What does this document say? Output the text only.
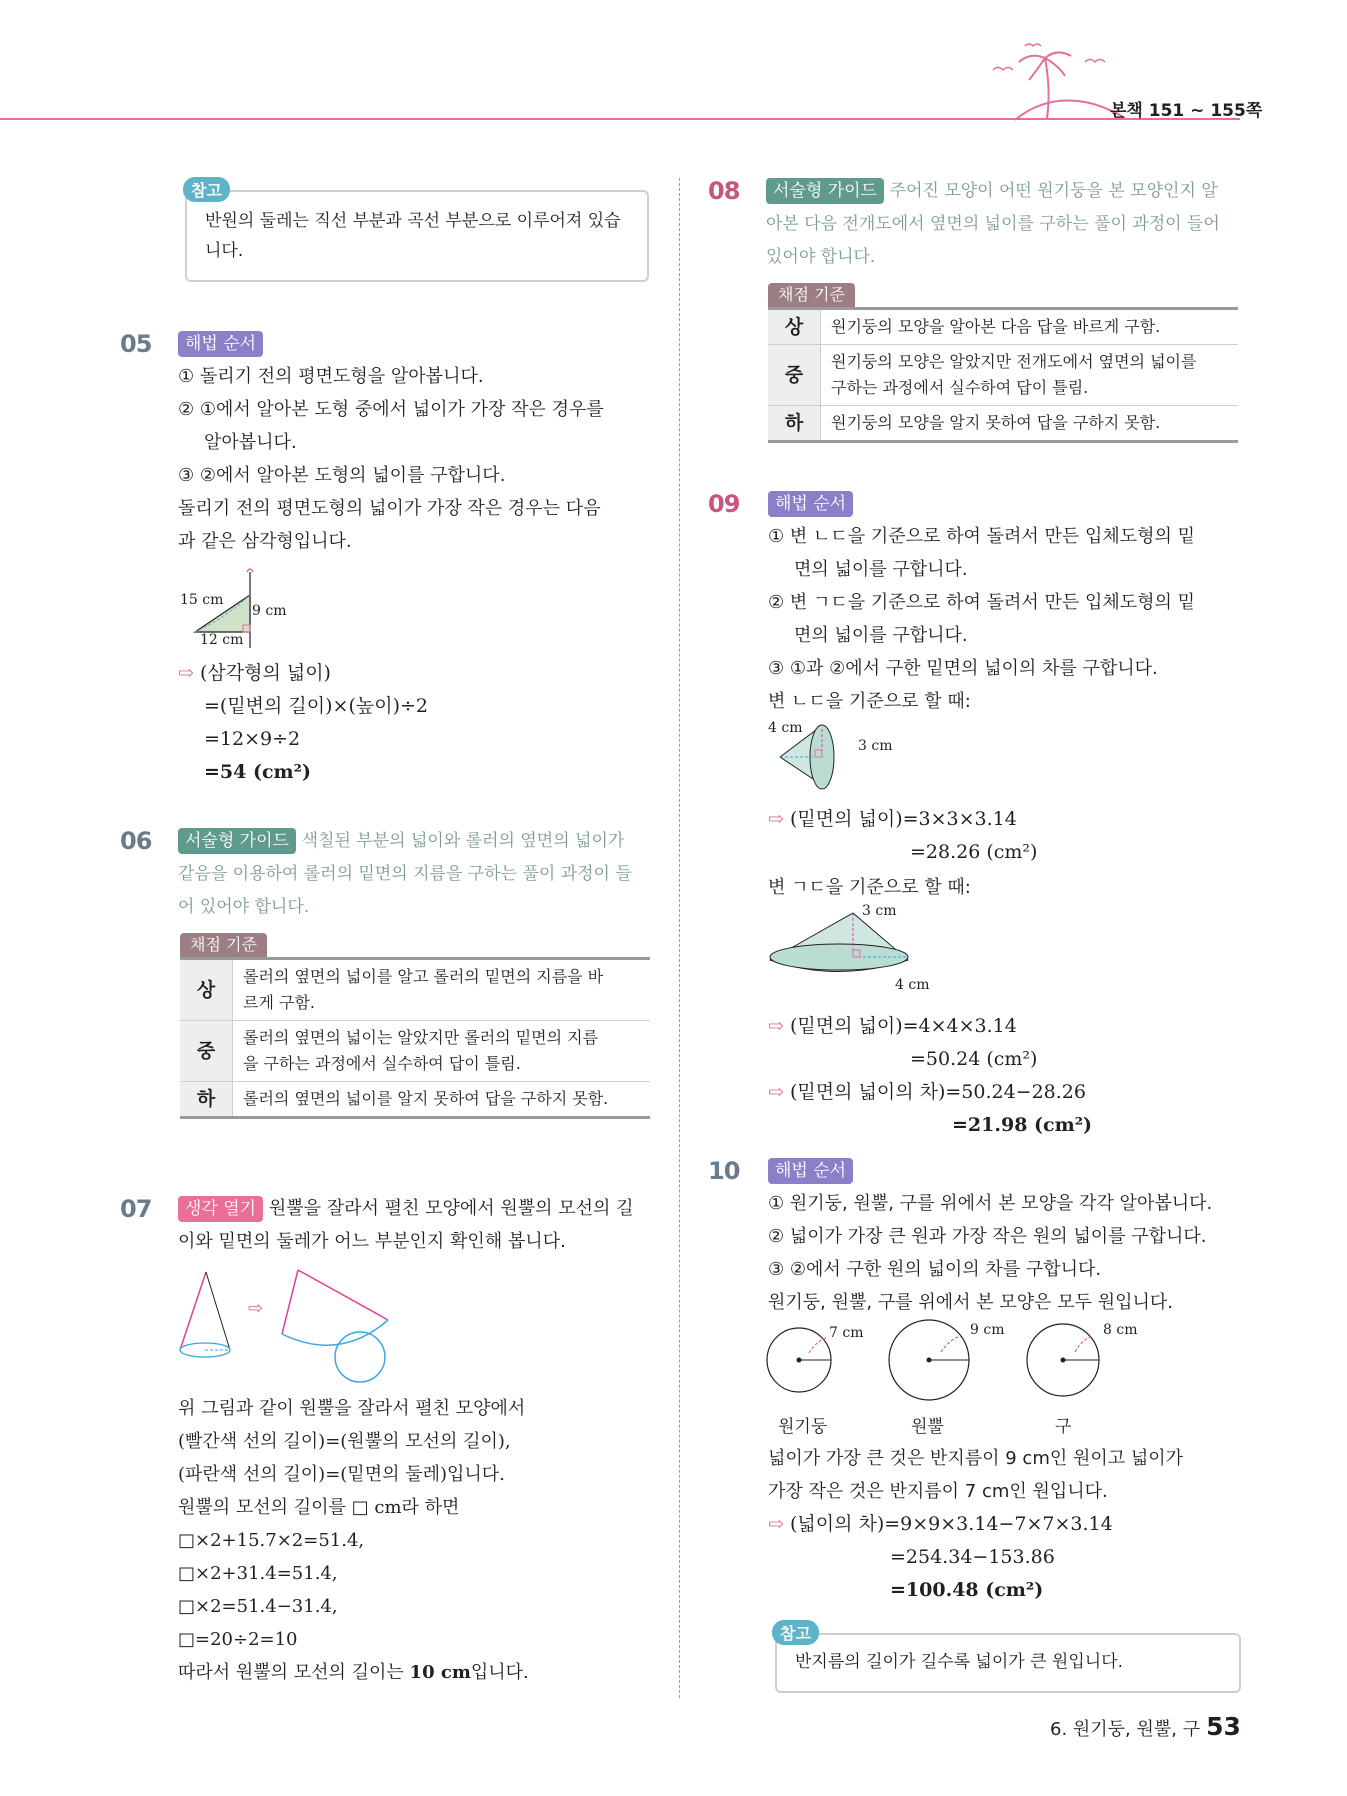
본책 151 ~ 155쪽
반원의 둘레는 직선 부분과 곡선 부분으로 이루어져 있습
니다.
참고
05	해법 순서
① 돌리기 전의 평면도형을 알아봅니다.
② ①에서 알아본 도형 중에서 넓이가 가장 작은 경우를
알아봅니다.
③ ②에서 알아본 도형의 넓이를 구합니다.
돌리기 전의 평면도형의 넓이가 가장 작은 경우는 다음
과 같은 삼각형입니다.
15 cm
9 cm
12 cm
⇨ (삼각형의 넓이)
=(밑변의 길이)×(높이)÷2
=12×9÷2
=54 (cm²)
06	서술형 가이드 색칠된 부분의 넓이와 롤러의 옆면의 넓이가
같음을 이용하여 롤러의 밑면의 지름을 구하는 풀이 과정이 들
어 있어야 합니다.
채점 기준
상	롤러의 옆면의 넓이를 알고 롤러의 밑면의 지름을 바
르게 구함.

중	롤러의 옆면의 넓이는 알았지만 롤러의 밑면의 지름
을 구하는 과정에서 실수하여 답이 틀림.

하	롤러의 옆면의 넓이를 알지 못하여 답을 구하지 못함.
07	생각 열기 원뿔을 잘라서 펼친 모양에서 원뿔의 모선의 길
이와 밑면의 둘레가 어느 부분인지 확인해 봅니다.
⇨
위 그림과 같이 원뿔을 잘라서 펼친 모양에서
(빨간색 선의 길이)=(원뿔의 모선의 길이),
(파란색 선의 길이)=(밑면의 둘레)입니다.
원뿔의 모선의 길이를 □ cm라 하면
□×2+15.7×2=51.4,
□×2+31.4=51.4,
□×2=51.4−31.4,
□=20÷2=10
따라서 원뿔의 모선의 길이는 10 cm입니다.
08	서술형 가이드 주어진 모양이 어떤 원기둥을 본 모양인지 알
아본 다음 전개도에서 옆면의 넓이를 구하는 풀이 과정이 들어
있어야 합니다.
채점 기준
상	원기둥의 모양을 알아본 다음 답을 바르게 구함.

중	원기둥의 모양은 알았지만 전개도에서 옆면의 넓이를
구하는 과정에서 실수하여 답이 틀림.

하	원기둥의 모양을 알지 못하여 답을 구하지 못함.
09	해법 순서
① 변 ㄴㄷ을 기준으로 하여 돌려서 만든 입체도형의 밑
면의 넓이를 구합니다.
② 변 ㄱㄷ을 기준으로 하여 돌려서 만든 입체도형의 밑
면의 넓이를 구합니다.
③ ①과 ②에서 구한 밑면의 넓이의 차를 구합니다.
변 ㄴㄷ을 기준으로 할 때:
4 cm
3 cm
⇨ (밑면의 넓이)=3×3×3.14
=28.26 (cm²)
변 ㄱㄷ을 기준으로 할 때:
3 cm
4 cm
⇨ (밑면의 넓이)=4×4×3.14
=50.24 (cm²)
⇨ (밑면의 넓이의 차)=50.24−28.26
=21.98 (cm²)
10	해법 순서
① 원기둥, 원뿔, 구를 위에서 본 모양을 각각 알아봅니다.
② 넓이가 가장 큰 원과 가장 작은 원의 넓이를 구합니다.
③ ②에서 구한 원의 넓이의 차를 구합니다.
원기둥, 원뿔, 구를 위에서 본 모양은 모두 원입니다.
7 cm	9 cm	8 cm
원기둥	원뿔	구
넓이가 가장 큰 것은 반지름이 9 cm인 원이고 넓이가
가장 작은 것은 반지름이 7 cm인 원입니다.
⇨ (넓이의 차)=9×9×3.14−7×7×3.14
=254.34−153.86
=100.48 (cm²)
반지름의 길이가 길수록 넓이가 큰 원입니다.
참고
6. 원기둥, 원뿔, 구 53
